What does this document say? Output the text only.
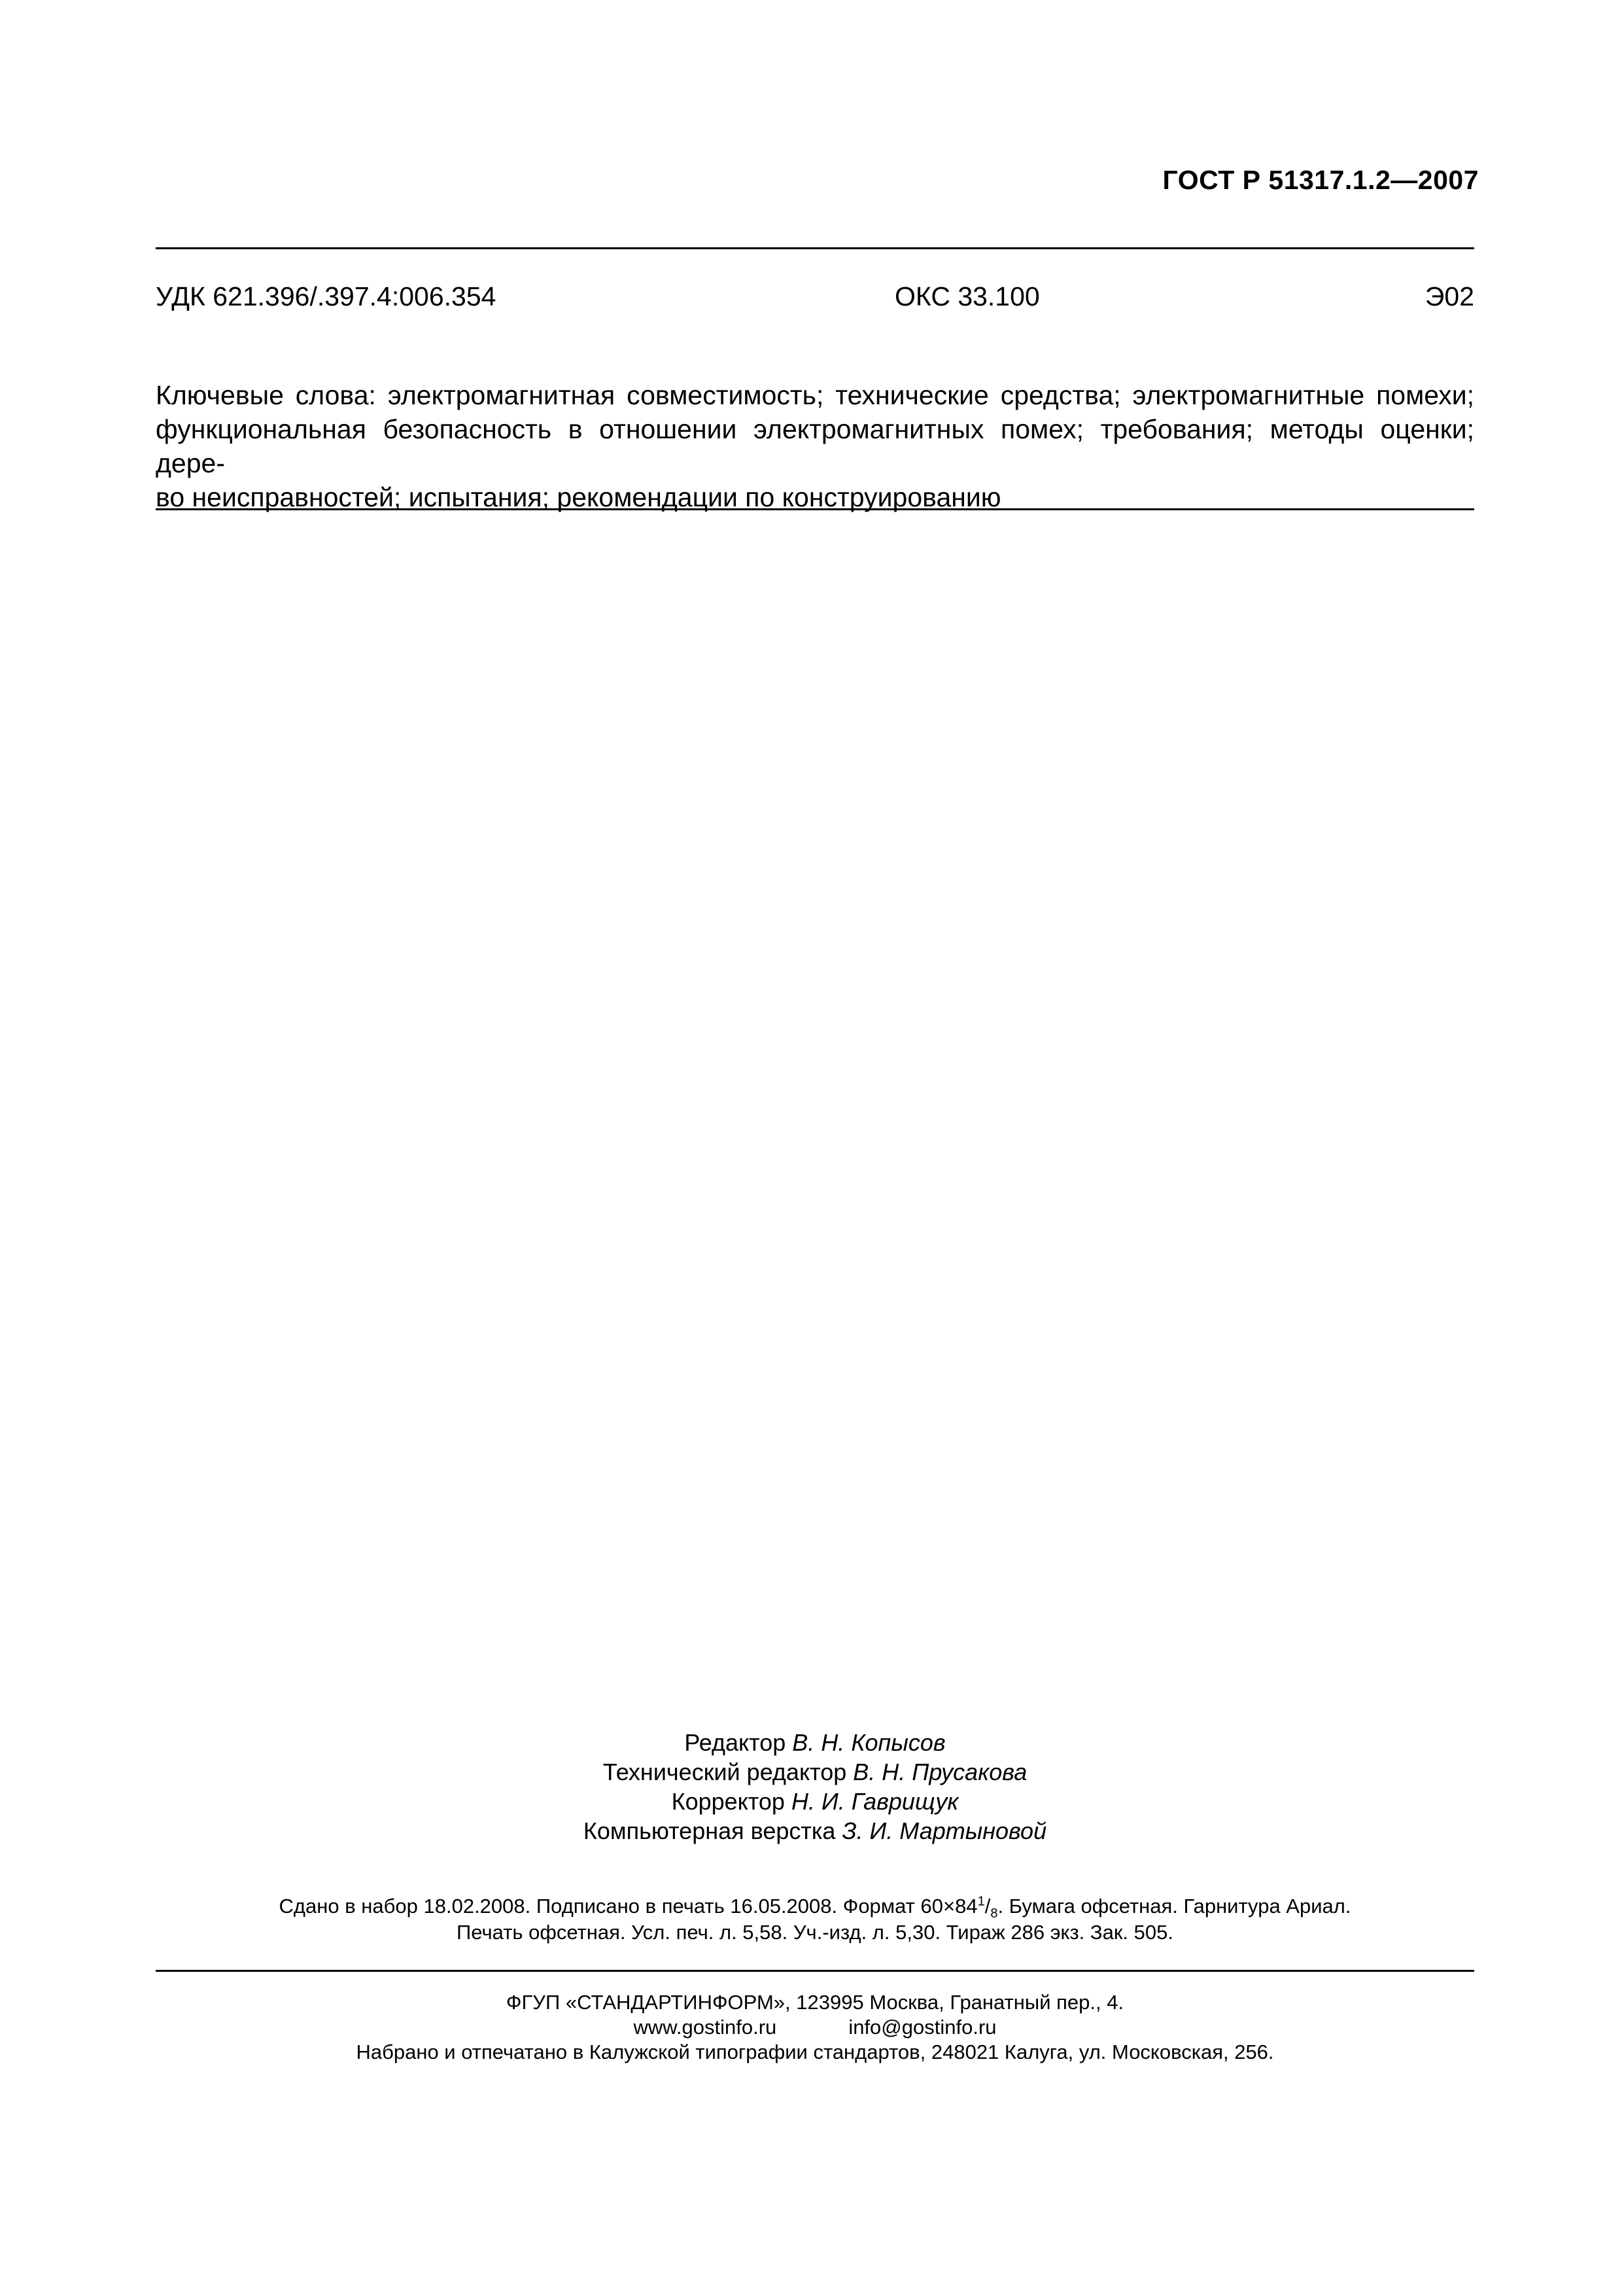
ГОСТ Р 51317.1.2—2007
УДК 621.396/.397.4:006.354	ОКС 33.100	Э02
Ключевые слова: электромагнитная совместимость; технические средства; электромагнитные помехи;
функциональная безопасность в отношении электромагнитных помех; требования; методы оценки; дере-
во неисправностей; испытания; рекомендации по конструированию
Редактор В. Н. Копысов
Технический редактор В. Н. Прусакова
Корректор Н. И. Гаврищук
Компьютерная верстка З. И. Мартыновой
Сдано в набор 18.02.2008. Подписано в печать 16.05.2008. Формат $60\times 84^1/_8$. Бумага офсетная. Гарнитура Ариал.
Печать офсетная. Усл. печ. л. 5,58. Уч.-изд. л. 5,30. Тираж 286 экз. Зак. 505.
ФГУП «СТАНДАРТИНФОРМ», 123995 Москва, Гранатный пер., 4.
www.gostinfo.ru	info@gostinfo.ru
Набрано и отпечатано в Калужской типографии стандартов, 248021 Калуга, ул. Московская, 256.
